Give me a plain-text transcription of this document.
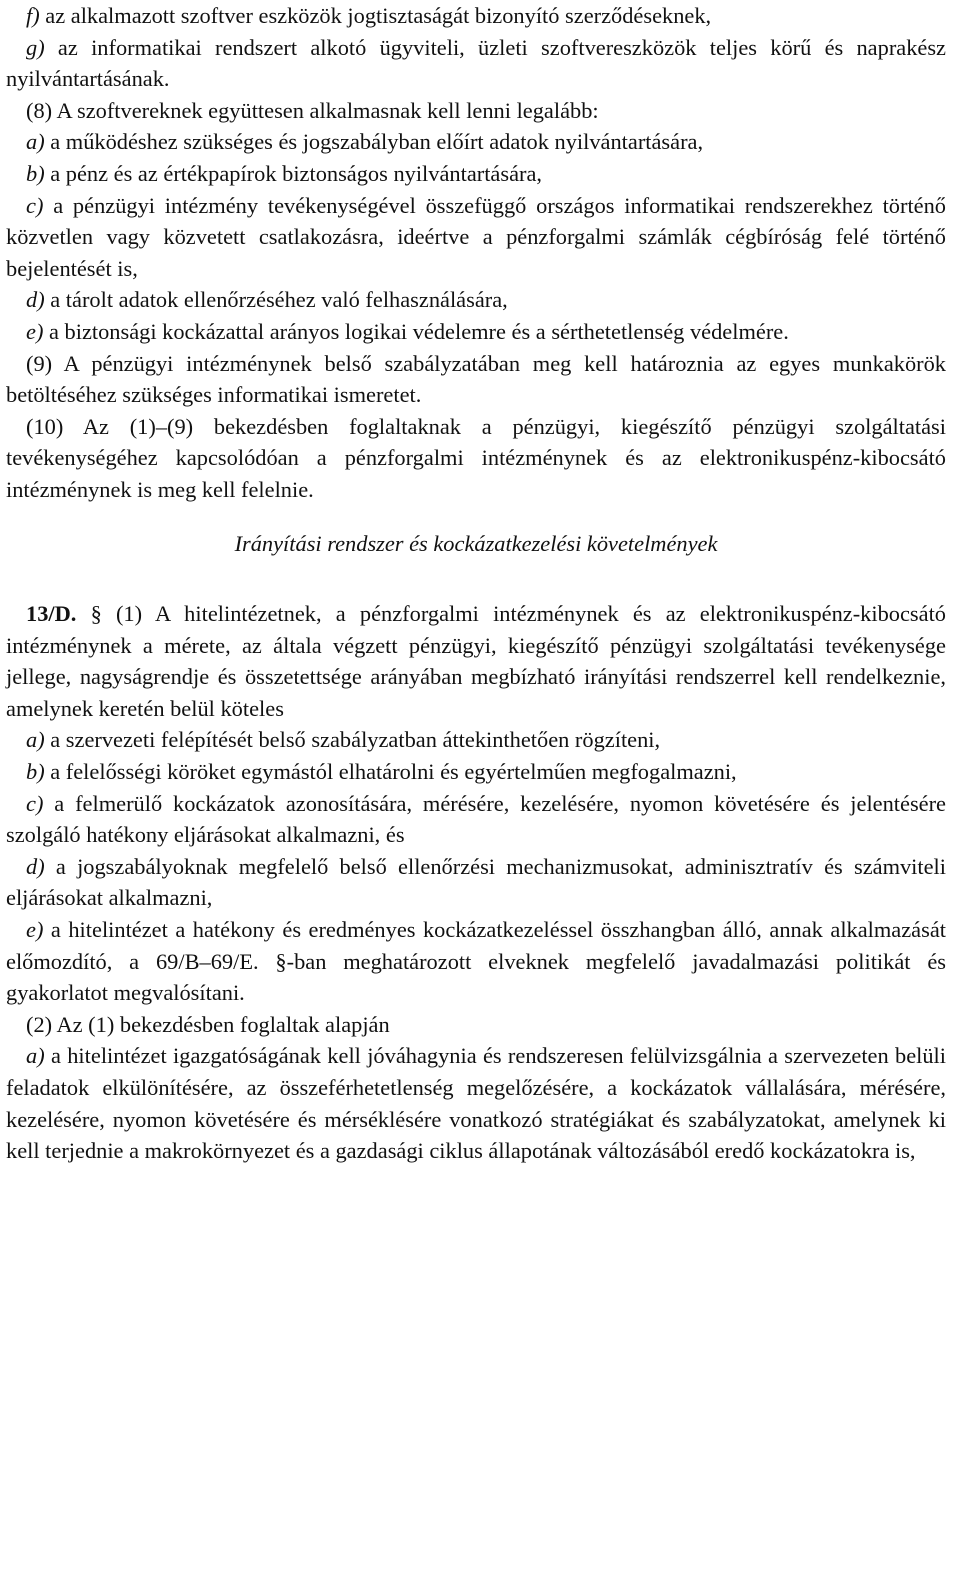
f) az alkalmazott szoftver eszközök jogtisztaságát bizonyító szerződéseknek,

g) az informatikai rendszert alkotó ügyviteli, üzleti szoftvereszközök teljes körű és naprakész nyilvántartásának.

(8) A szoftvereknek együttesen alkalmasnak kell lenni legalább:

a) a működéshez szükséges és jogszabályban előírt adatok nyilvántartására,

b) a pénz és az értékpapírok biztonságos nyilvántartására,

c) a pénzügyi intézmény tevékenységével összefüggő országos informatikai rendszerekhez történő közvetlen vagy közvetett csatlakozásra, ideértve a pénzforgalmi számlák cégbíróság felé történő bejelentését is,

d) a tárolt adatok ellenőrzéséhez való felhasználására,

e) a biztonsági kockázattal arányos logikai védelemre és a sérthetetlenség védelmére.

(9) A pénzügyi intézménynek belső szabályzatában meg kell határoznia az egyes munkakörök betöltéséhez szükséges informatikai ismeretet.

(10) Az (1)–(9) bekezdésben foglaltaknak a pénzügyi, kiegészítő pénzügyi szolgáltatási tevékenységéhez kapcsolódóan a pénzforgalmi intézménynek és az elektronikuspénz-kibocsátó intézménynek is meg kell felelnie.

Irányítási rendszer és kockázatkezelési követelmények

13/D. § (1) A hitelintézetnek, a pénzforgalmi intézménynek és az elektronikuspénz-kibocsátó intézménynek a mérete, az általa végzett pénzügyi, kiegészítő pénzügyi szolgáltatási tevékenysége jellege, nagyságrendje és összetettsége arányában megbízható irányítási rendszerrel kell rendelkeznie, amelynek keretén belül köteles

a) a szervezeti felépítését belső szabályzatban áttekinthetően rögzíteni,

b) a felelősségi köröket egymástól elhatárolni és egyértelműen megfogalmazni,

c) a felmerülő kockázatok azonosítására, mérésére, kezelésére, nyomon követésére és jelentésére szolgáló hatékony eljárásokat alkalmazni, és

d) a jogszabályoknak megfelelő belső ellenőrzési mechanizmusokat, adminisztratív és számviteli eljárásokat alkalmazni,

e) a hitelintézet a hatékony és eredményes kockázatkezeléssel összhangban álló, annak alkalmazását előmozdító, a 69/B–69/E. §-ban meghatározott elveknek megfelelő javadalmazási politikát és gyakorlatot megvalósítani.

(2) Az (1) bekezdésben foglaltak alapján

a) a hitelintézet igazgatóságának kell jóváhagynia és rendszeresen felülvizsgálnia a szervezeten belüli feladatok elkülönítésére, az összeférhetetlenség megelőzésére, a kockázatok vállalására, mérésére, kezelésére, nyomon követésére és mérséklésére vonatkozó stratégiákat és szabályzatokat, amelynek ki kell terjednie a makrokörnyezet és a gazdasági ciklus állapotának változásából eredő kockázatokra is,
